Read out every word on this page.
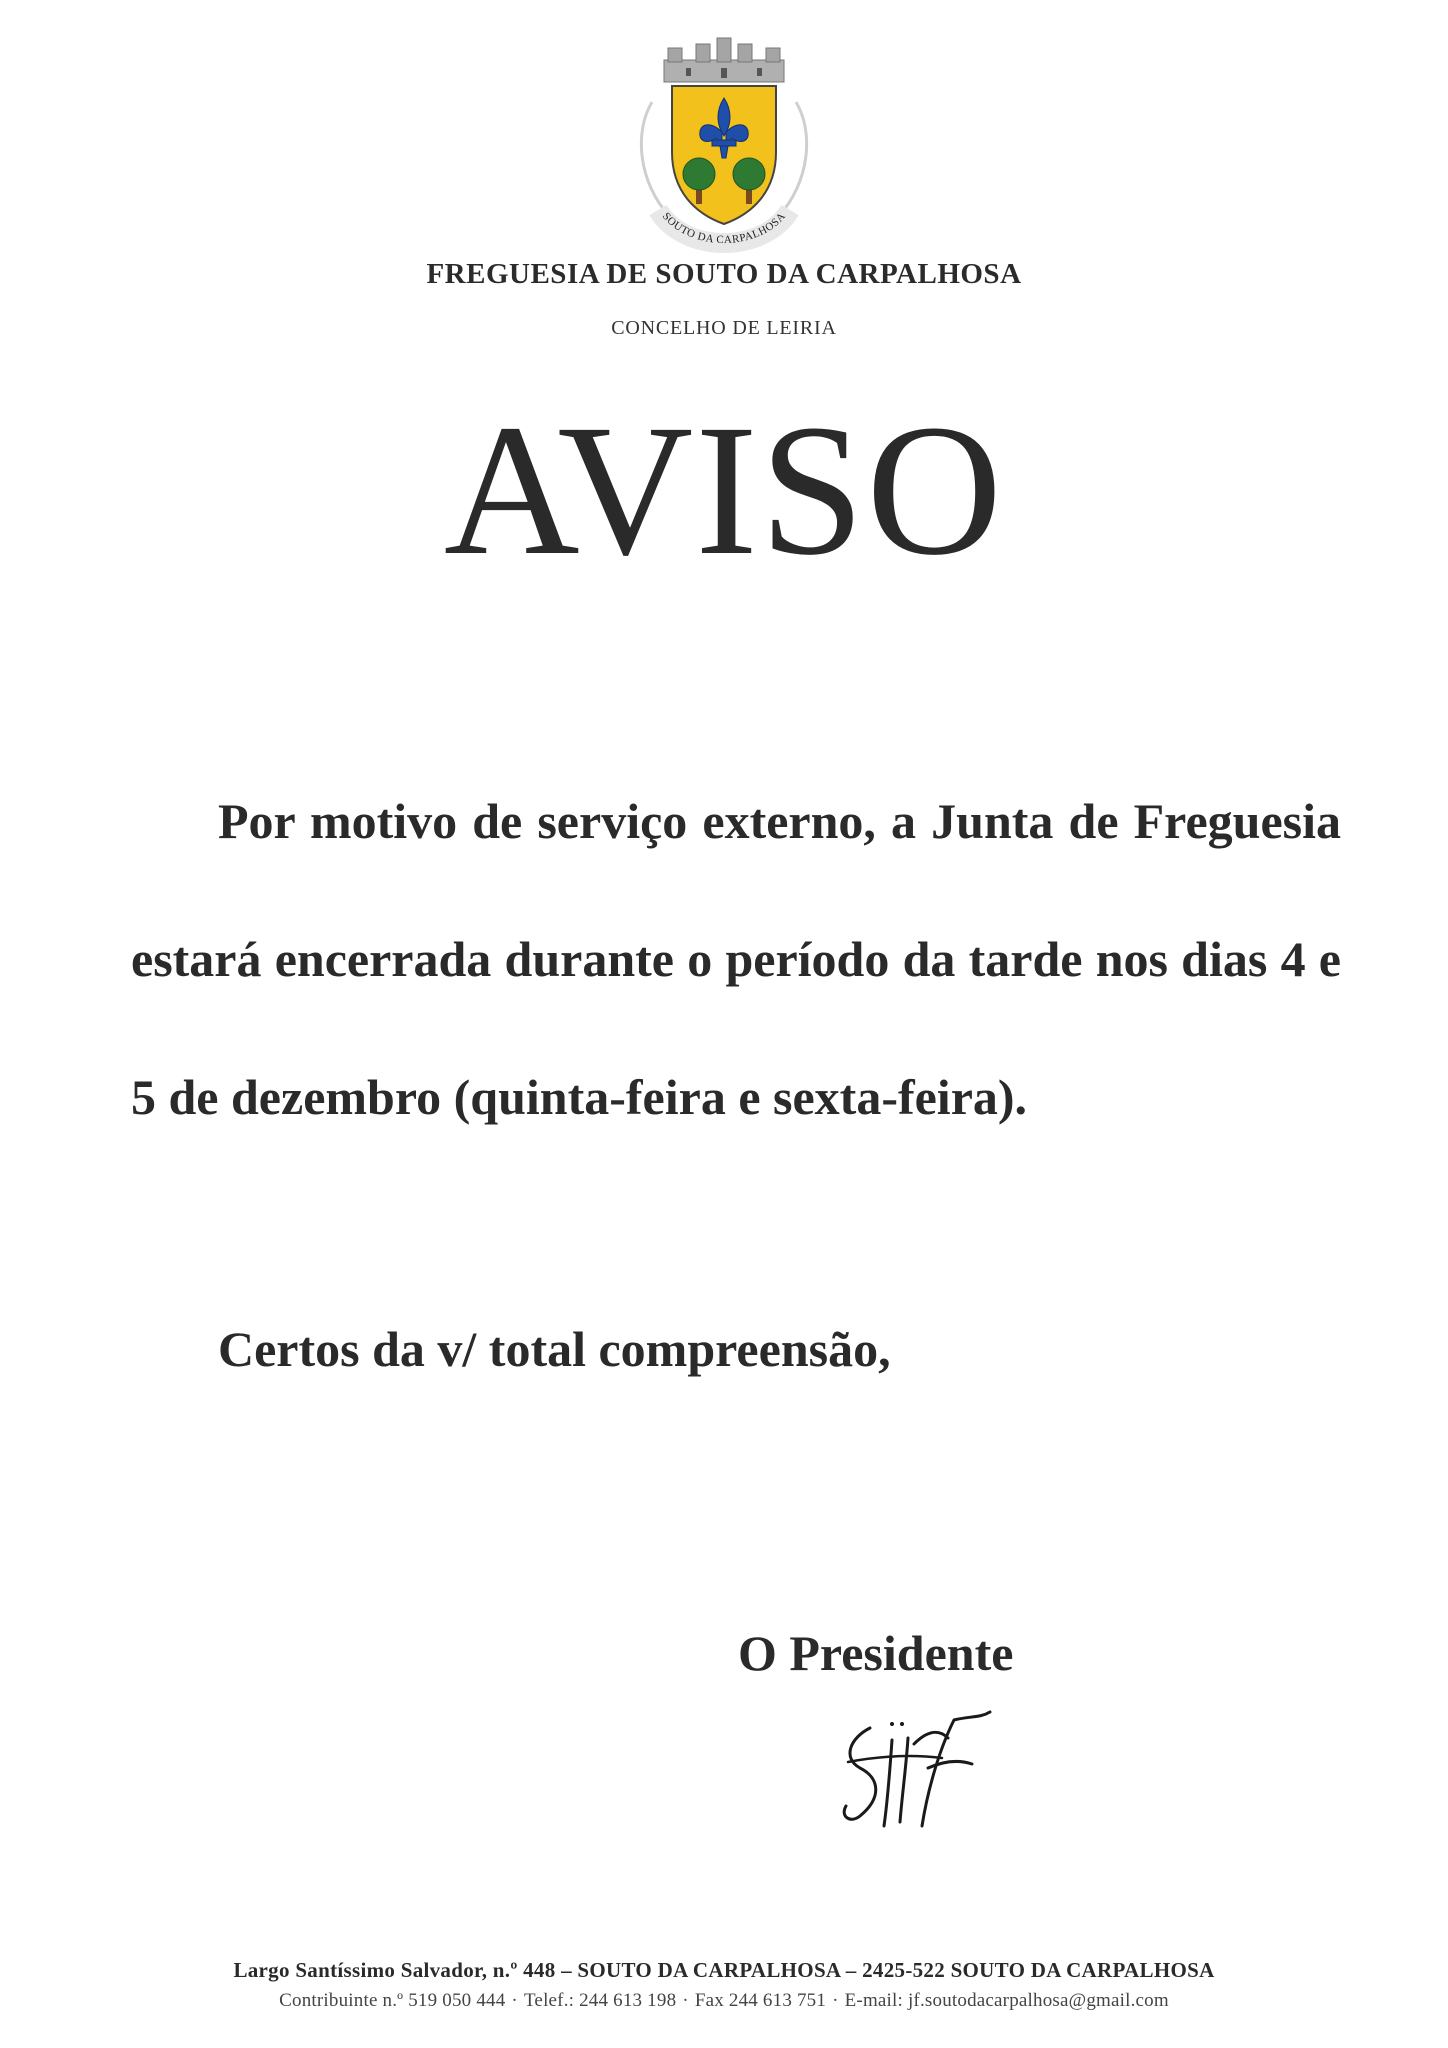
SOUTO DA CARPALHOSA
FREGUESIA DE SOUTO DA CARPALHOSA
CONCELHO DE LEIRIA
AVISO
Por motivo de serviço externo, a Junta de Freguesia estará encerrada durante o período da tarde nos dias 4 e 5 de dezembro (quinta-feira e sexta-feira).
Certos da v/ total compreensão,
O Presidente
Largo Santíssimo Salvador, n.º 448 – SOUTO DA CARPALHOSA – 2425-522 SOUTO DA CARPALHOSA
Contribuinte n.º 519 050 444 · Telef.: 244 613 198 · Fax 244 613 751 · E-mail: jf.soutodacarpalhosa@gmail.com
